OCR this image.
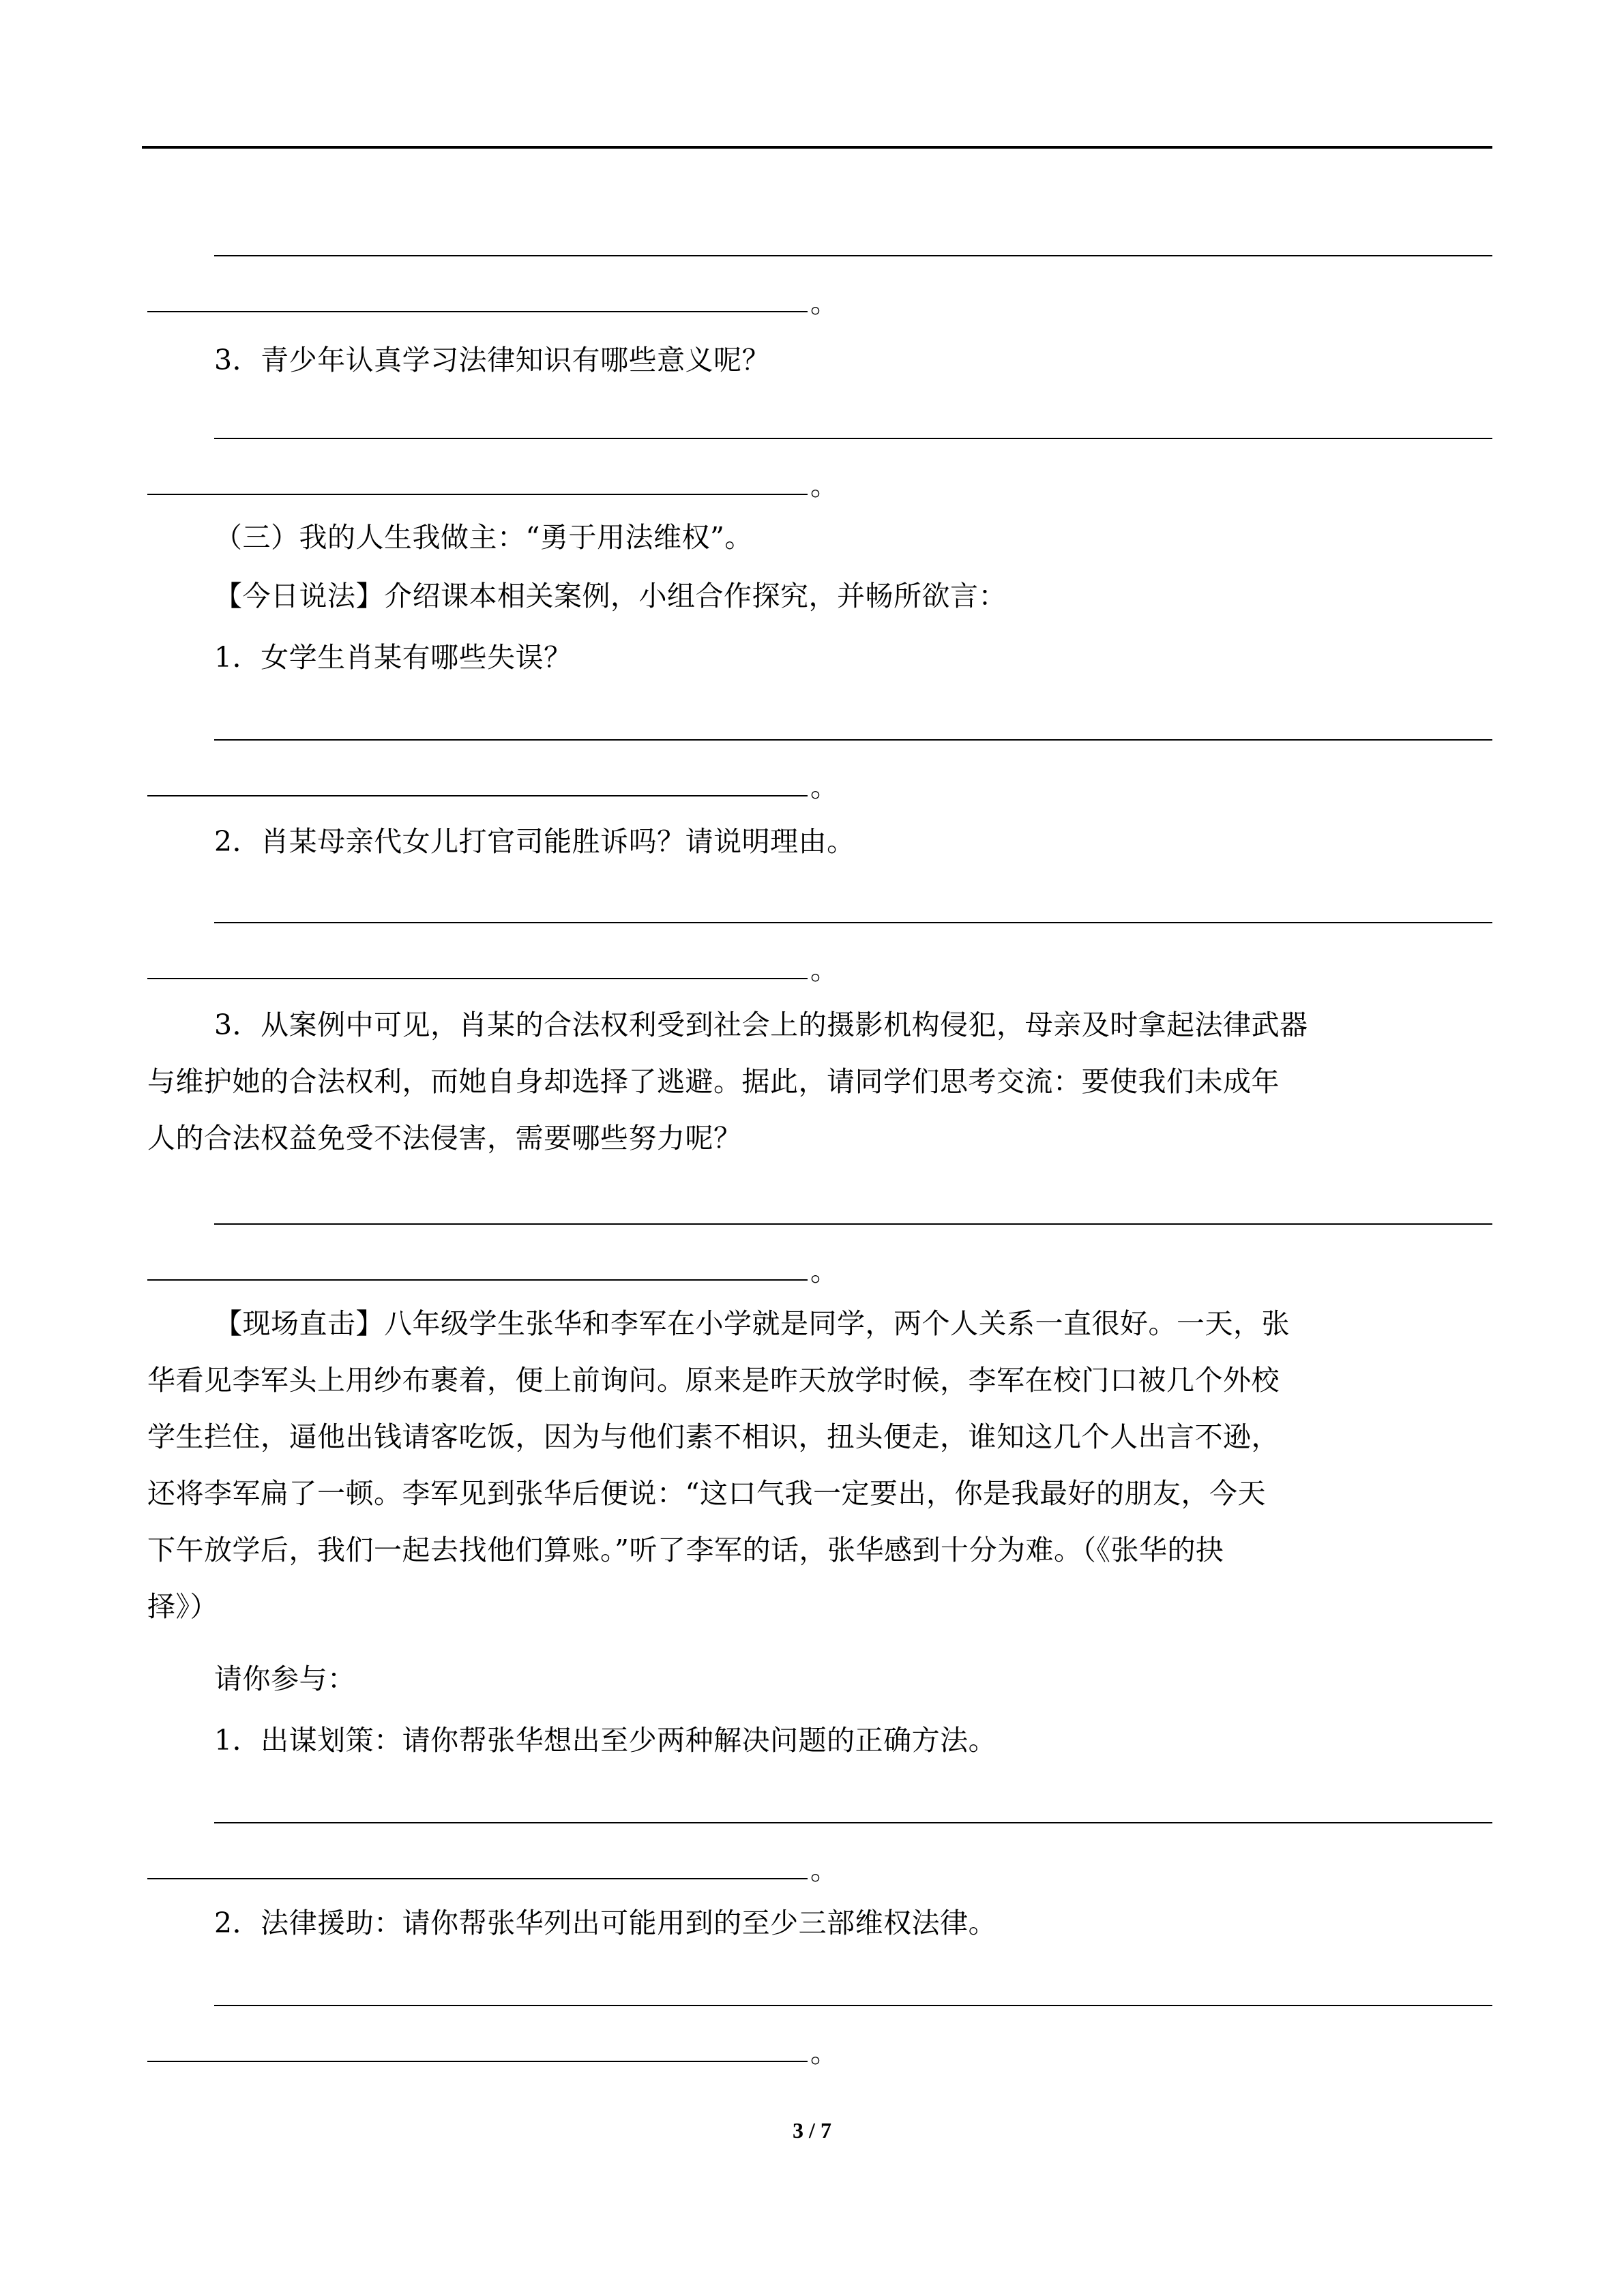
。
3．青少年认真学习法律知识有哪些意义呢？
。
（三）我的人生我做主：“勇于用法维权”。
【今日说法】介绍课本相关案例，小组合作探究，并畅所欲言：
1．女学生肖某有哪些失误？
。
2．肖某母亲代女儿打官司能胜诉吗？请说明理由。
。
3．从案例中可见，肖某的合法权利受到社会上的摄影机构侵犯，母亲及时拿起法律武器
与维护她的合法权利，而她自身却选择了逃避。据此，请同学们思考交流：要使我们未成年
人的合法权益免受不法侵害，需要哪些努力呢？
。
【现场直击】八年级学生张华和李军在小学就是同学，两个人关系一直很好。一天，张
华看见李军头上用纱布裹着，便上前询问。原来是昨天放学时候，李军在校门口被几个外校
学生拦住，逼他出钱请客吃饭，因为与他们素不相识，扭头便走，谁知这几个人出言不逊，
还将李军扁了一顿。李军见到张华后便说：“这口气我一定要出，你是我最好的朋友，今天
下午放学后，我们一起去找他们算账。”听了李军的话，张华感到十分为难。（《张华的抉
择》）
请你参与：
1．出谋划策：请你帮张华想出至少两种解决问题的正确方法。
。
2．法律援助：请你帮张华列出可能用到的至少三部维权法律。
。
3 / 7
